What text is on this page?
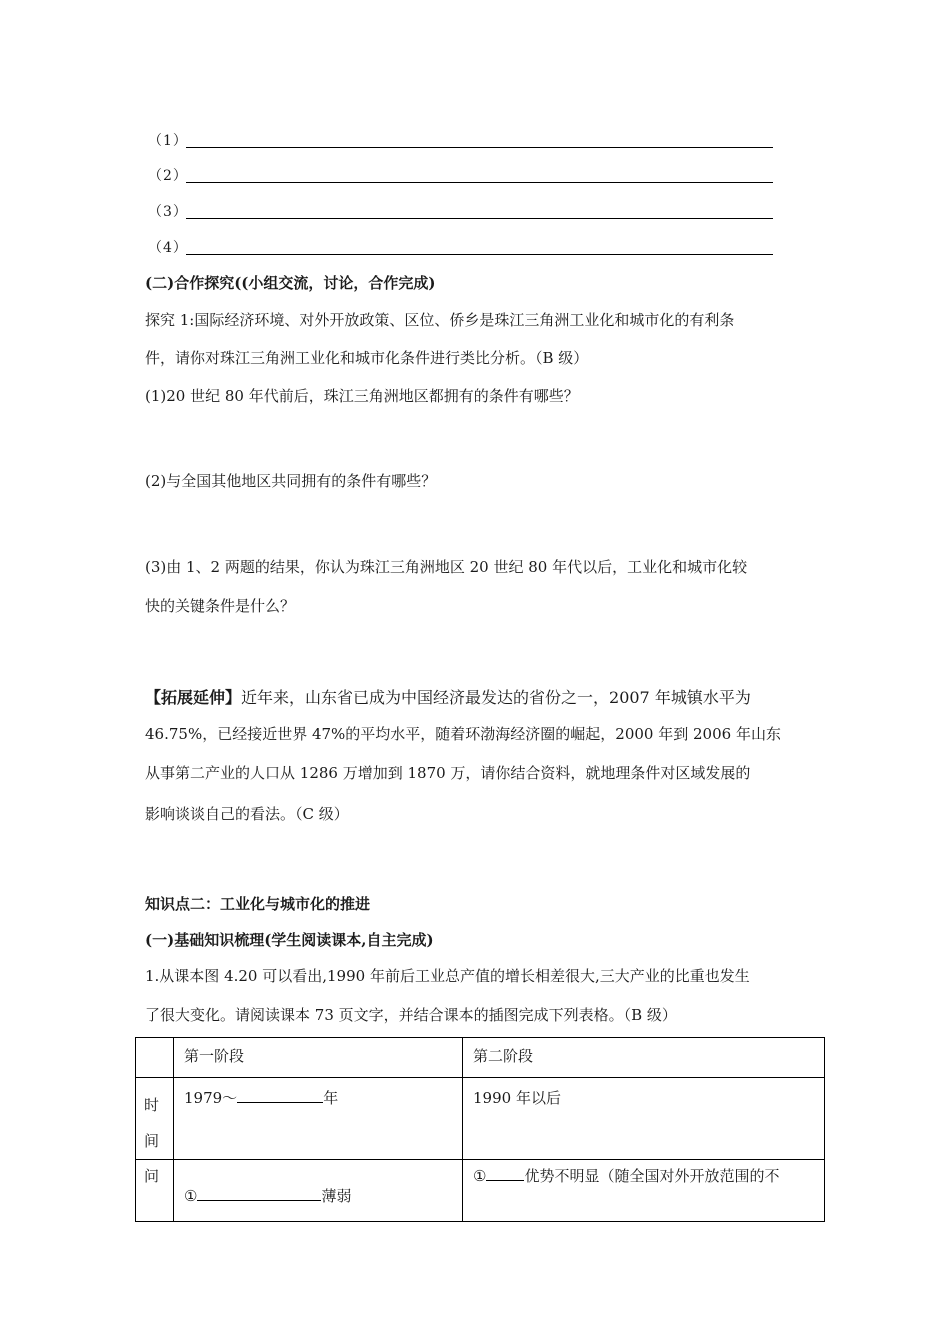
（1）
（2）
（3）
（4）
(二)合作探究((小组交流，讨论，合作完成)
探究 1:国际经济环境、对外开放政策、区位、侨乡是珠江三角洲工业化和城市化的有利条
件，请你对珠江三角洲工业化和城市化条件进行类比分析。（B 级）
(1)20 世纪 80 年代前后，珠江三角洲地区都拥有的条件有哪些？
(2)与全国其他地区共同拥有的条件有哪些？
(3)由 1、2 两题的结果，你认为珠江三角洲地区 20 世纪 80 年代以后，工业化和城市化较
快的关键条件是什么？
【拓展延伸】近年来，山东省已成为中国经济最发达的省份之一，2007 年城镇水平为
46.75%，已经接近世界 47%的平均水平，随着环渤海经济圈的崛起，2000 年到 2006 年山东
从事第二产业的人口从 1286 万增加到 1870 万，请你结合资料，就地理条件对区域发展的
影响谈谈自己的看法。（C 级）
知识点二：工业化与城市化的推进
(一)基础知识梳理(学生阅读课本,自主完成)
1.从课本图 4.20 可以看出,1990 年前后工业总产值的增长相差很大,三大产业的比重也发生
了很大变化。请阅读课本 73 页文字，并结合课本的插图完成下列表格。（B 级）

	第一阶段	第二阶段

时
间	1979～ 年	1990 年以后

问	① 薄弱	① 优势不明显（随全国对外开放范围的不
